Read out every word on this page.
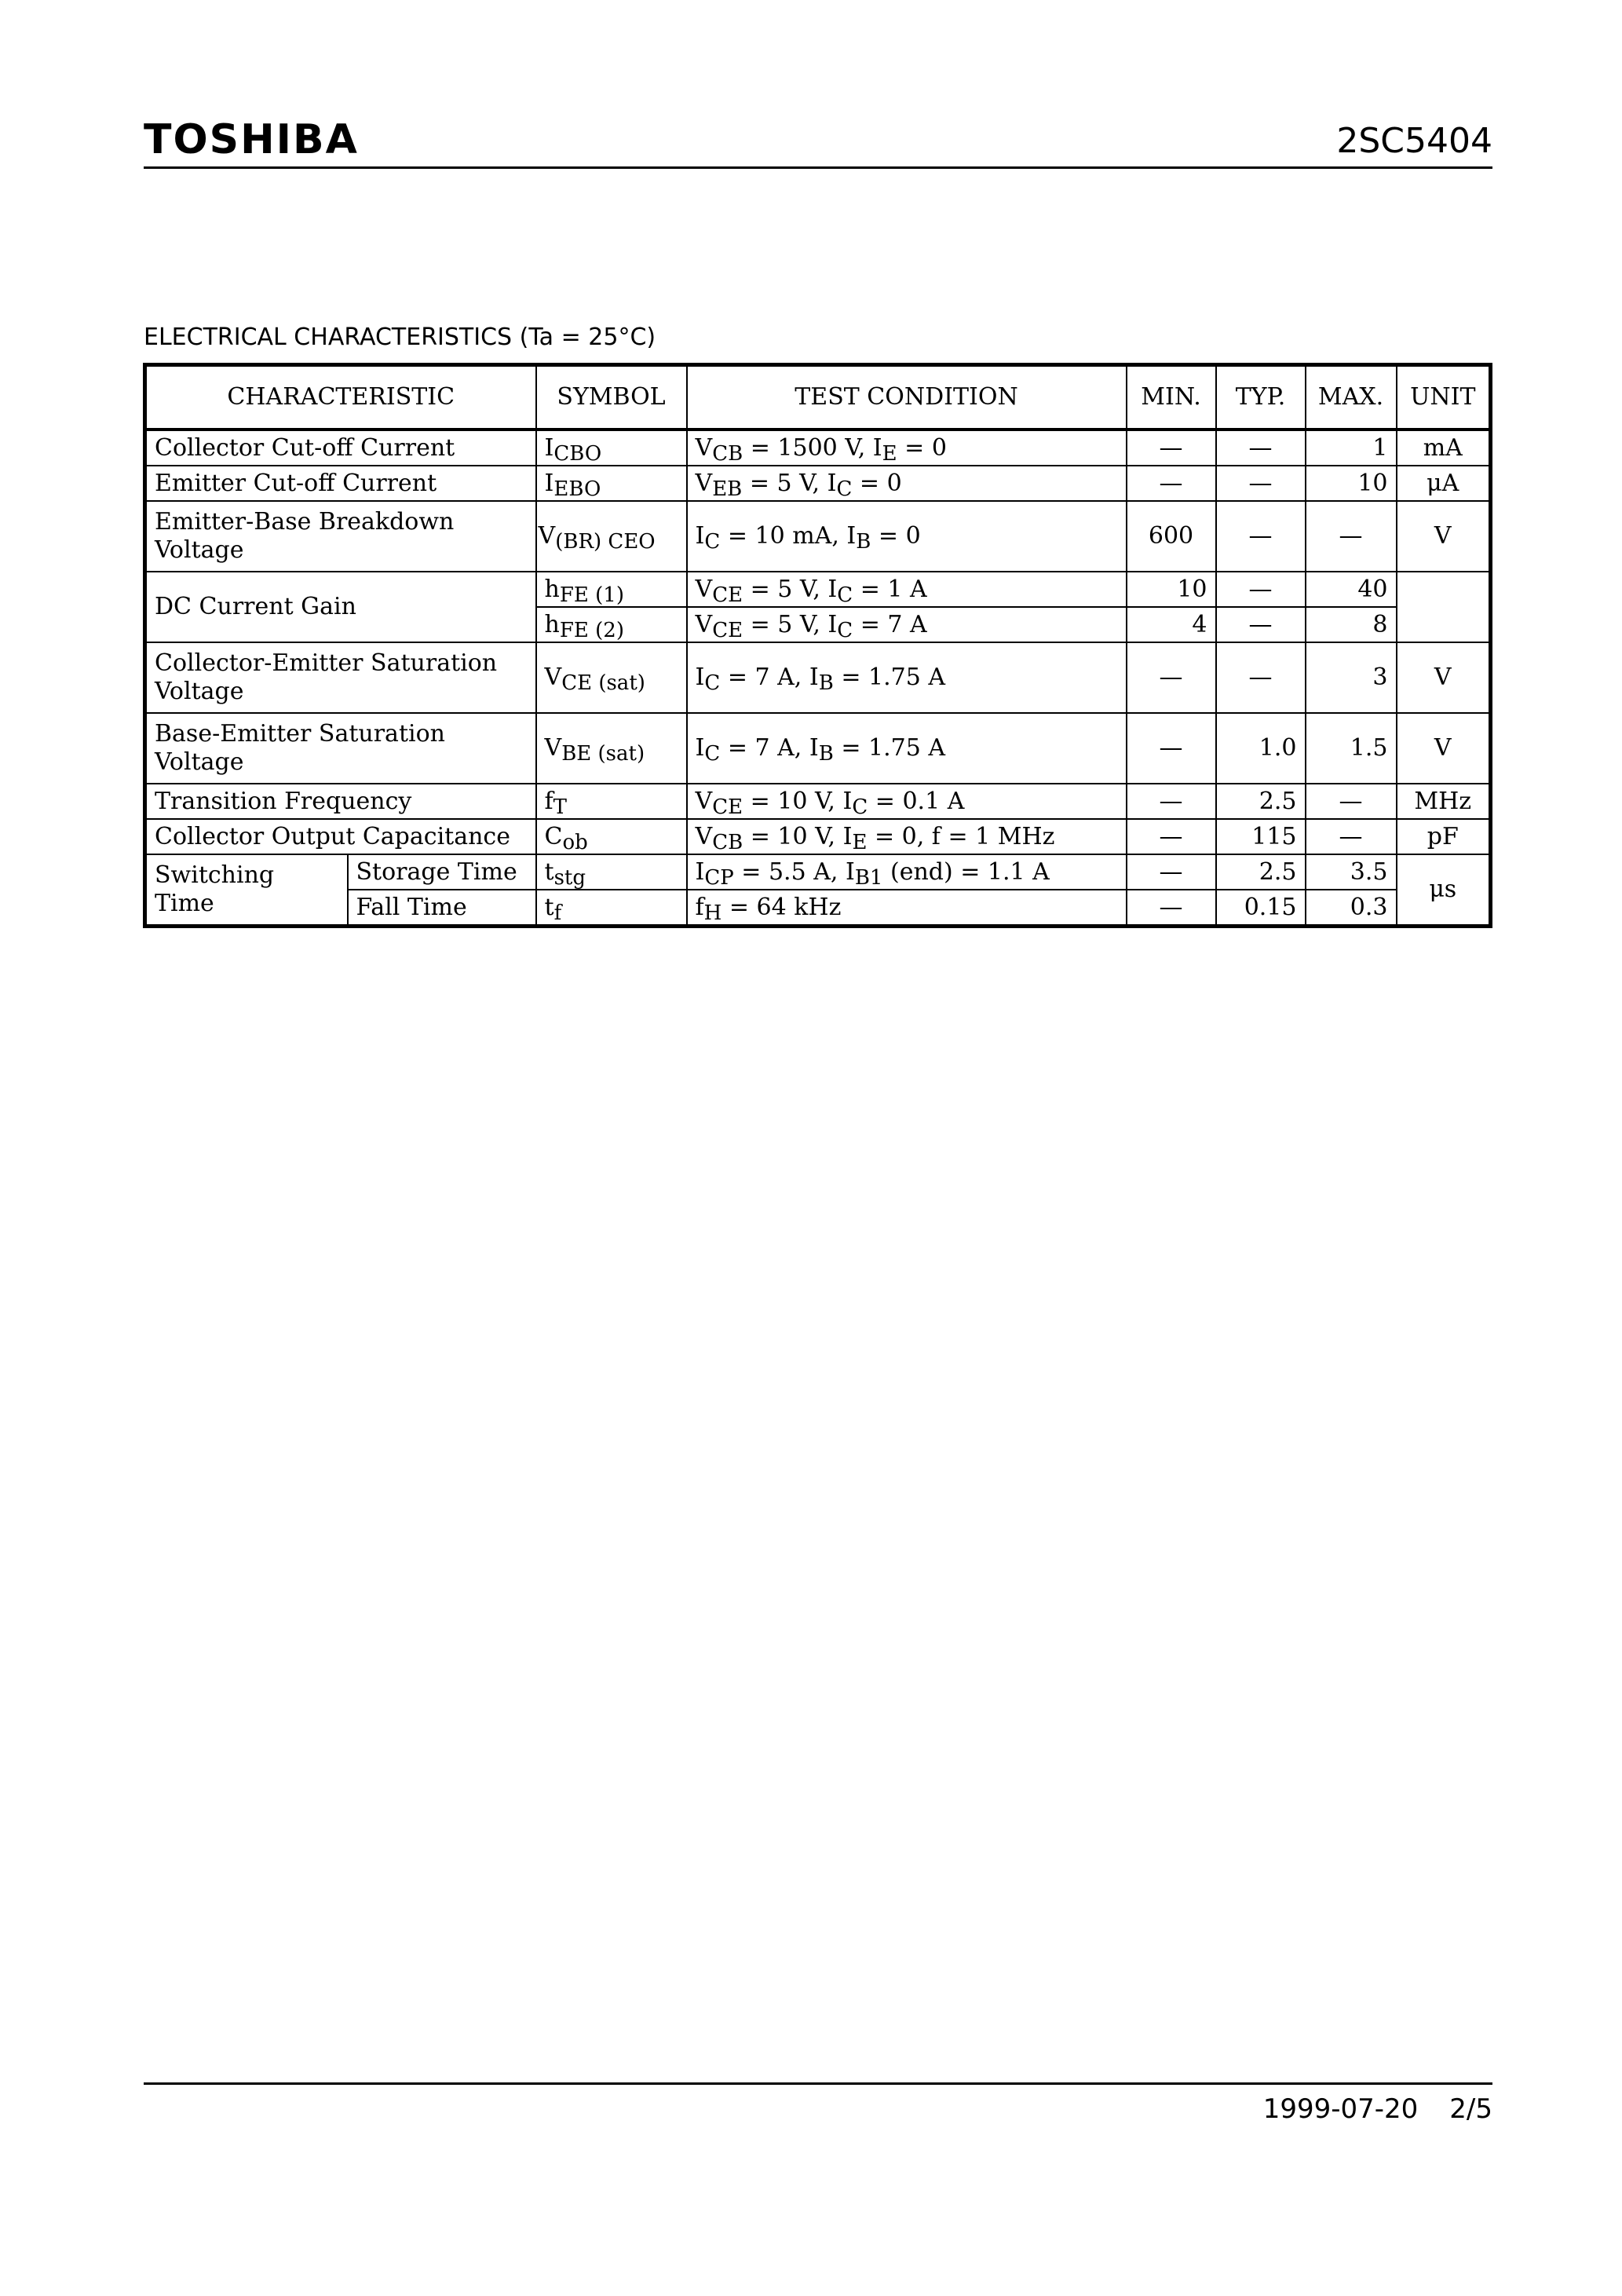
TOSHIBA	2SC5404
ELECTRICAL CHARACTERISTICS (Ta = 25°C)
CHARACTERISTIC		SYMBOL	TEST CONDITION	MIN.	TYP.	MAX.	UNIT
Collector Cut-off Current		$I_{CBO}$	$V_{CB} = 1500$ V, $I_E = 0$	—	—	1	mA
Emitter Cut-off Current		$I_{EBO}$	$V_{EB} = 5$ V, $I_C = 0$	—	—	10	μA
Emitter-Base Breakdown
Voltage		$V_{(BR) CEO}$	$I_C = 10$ mA, $I_B = 0$	600	—	—	V
DC Current Gain		$h_{FE (1)}$	$V_{CE} = 5$ V, $I_C = 1$ A	10	—	40	
		$h_{FE (2)}$	$V_{CE} = 5$ V, $I_C = 7$ A	4	—	8	
Collector-Emitter Saturation
Voltage		$V_{CE (sat)}$	$I_C = 7$ A, $I_B = 1.75$ A	—	—	3	V
Base-Emitter Saturation
Voltage		$V_{BE (sat)}$	$I_C = 7$ A, $I_B = 1.75$ A	—	1.0	1.5	V
Transition Frequency		$f_T$	$V_{CE} = 10$ V, $I_C = 0.1$ A	—	2.5	—	MHz
Collector Output Capacitance		$C_{ob}$	$V_{CB} = 10$ V, $I_E = 0$, f = 1 MHz	—	115	—	pF
Switching
Time	Storage Time	$t_{stg}$	$I_{CP} = 5.5$ A, $I_{B1}$ (end) = 1.1 A	—	2.5	3.5	μs
	Fall Time	$t_f$	$f_H = 64$ kHz	—	0.15	0.3	
1999-07-20 2/5
